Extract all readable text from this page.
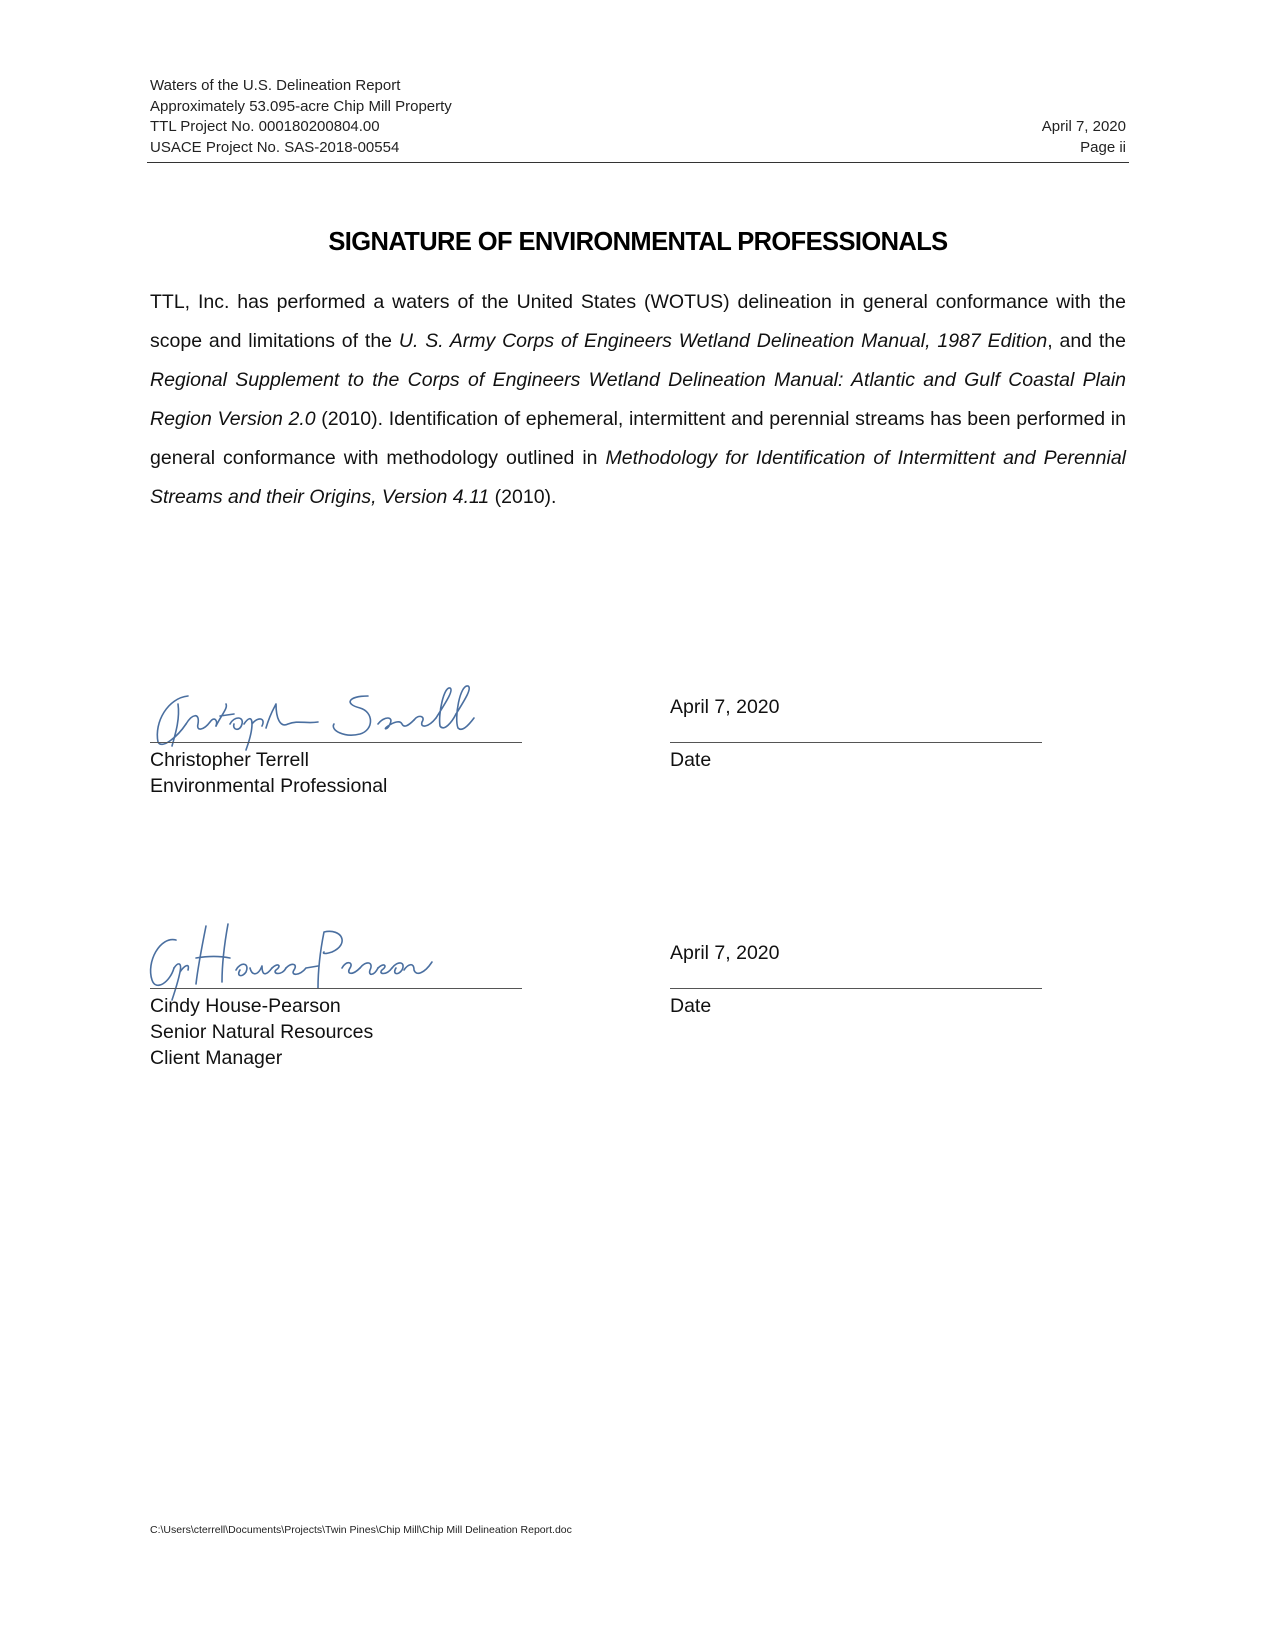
Waters of the U.S. Delineation Report
Approximately 53.095-acre Chip Mill Property
TTL Project No. 000180200804.00	April 7, 2020
USACE Project No. SAS-2018-00554	Page ii
SIGNATURE OF ENVIRONMENTAL PROFESSIONALS
TTL, Inc. has performed a waters of the United States (WOTUS) delineation in general conformance with the scope and limitations of the U. S. Army Corps of Engineers Wetland Delineation Manual, 1987 Edition, and the Regional Supplement to the Corps of Engineers Wetland Delineation Manual: Atlantic and Gulf Coastal Plain Region Version 2.0 (2010). Identification of ephemeral, intermittent and perennial streams has been performed in general conformance with methodology outlined in Methodology for Identification of Intermittent and Perennial Streams and their Origins, Version 4.11 (2010).
Christopher Terrell
Environmental Professional
April 7, 2020
Date
Cindy House-Pearson
Senior Natural Resources
Client Manager
April 7, 2020
Date
C:\Users\cterrell\Documents\Projects\Twin Pines\Chip Mill\Chip Mill Delineation Report.doc
